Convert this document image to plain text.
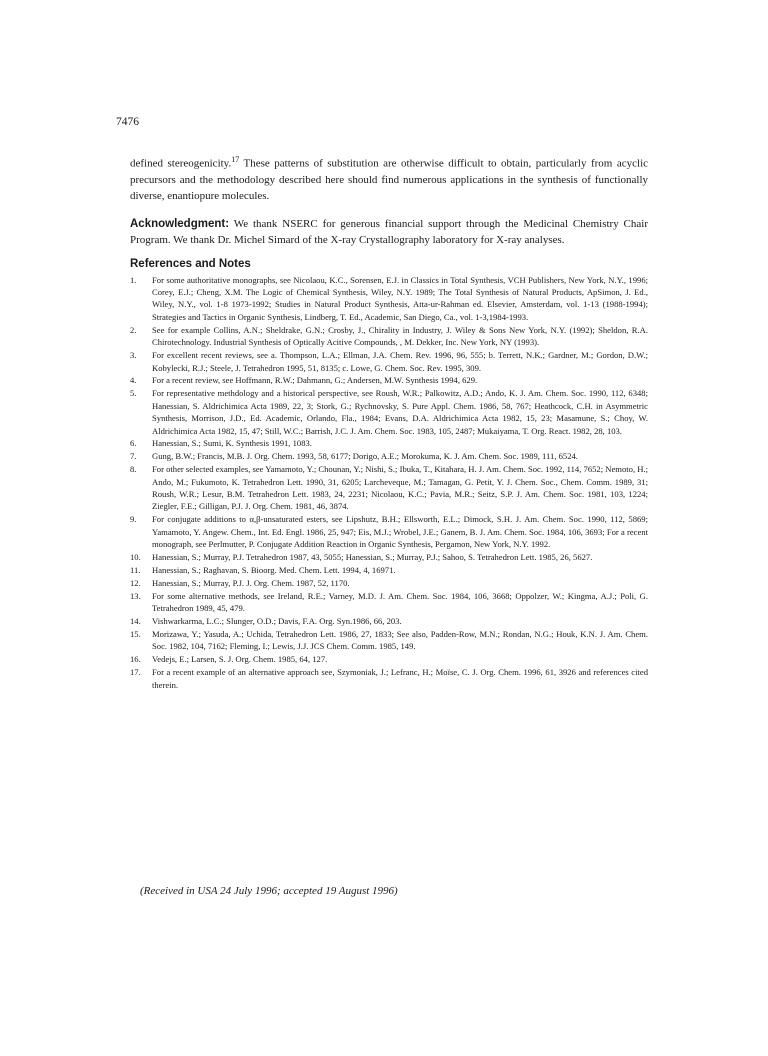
7476

defined stereogenicity.$^{17}$ These patterns of substitution are otherwise difficult to obtain, particularly from acyclic precursors and the methodology described here should find numerous applications in the synthesis of functionally diverse, enantiopure molecules.

Acknowledgment: We thank NSERC for generous financial support through the Medicinal Chemistry Chair Program. We thank Dr. Michel Simard of the X-ray Crystallography laboratory for X-ray analyses.

References and Notes
1. For some authoritative monographs, see Nicolaou, K.C., Sorensen, E.J. in Classics in Total Synthesis, VCH Publishers, New York, N.Y., 1996; Corey, E.J.; Cheng, X.M. The Logic of Chemical Synthesis, Wiley, N.Y. 1989; The Total Synthesis of Natural Products, ApSimon, J. Ed., Wiley, N.Y., vol. 1-8 1973-1992; Studies in Natural Product Synthesis, Atta-ur-Rahman ed. Elsevier, Amsterdam, vol. 1-13 (1988-1994); Strategies and Tactics in Organic Synthesis, Lindberg, T. Ed., Academic, San Diego, Ca., vol. 1-3,1984-1993.
2. See for example Collins, A.N.; Sheldrake, G.N.; Crosby, J., Chirality in Industry, J. Wiley & Sons New York, N.Y. (1992); Sheldon, R.A. Chirotechnology. Industrial Synthesis of Optically Acitive Compounds, , M. Dekker, Inc. New York, NY (1993).
3. For excellent recent reviews, see a. Thompson, L.A.; Ellman, J.A. Chem. Rev. 1996, 96, 555; b. Terrett, N.K.; Gardner, M.; Gordon, D.W.; Kobylecki, R.J.; Steele, J. Tetrahedron 1995, 51, 8135; c. Lowe, G. Chem. Soc. Rev. 1995, 309.
4. For a recent review, see Hoffmann, R.W.; Dahmann, G.; Andersen, M.W. Synthesis 1994, 629.
5. For representative methdology and a historical perspective, see Roush, W.R.; Palkowitz, A.D.; Ando, K. J. Am. Chem. Soc. 1990, 112, 6348; Hanessian, S. Aldrichimica Acta 1989, 22, 3; Stork, G.; Rychnovsky, S. Pure Appl. Chem. 1986, 58, 767; Heathcock, C.H. in Asymmetric Synthesis, Morrison, J.D., Ed. Academic, Orlando, Fla., 1984; Evans, D.A. Aldrichimica Acta 1982, 15, 23; Masamune, S.; Choy, W. Aldrichimica Acta 1982, 15, 47; Still, W.C.; Barrish, J.C. J. Am. Chem. Soc. 1983, 105, 2487; Mukaiyama, T. Org. React. 1982, 28, 103.
6. Hanessian, S.; Sumi, K. Synthesis 1991, 1083.
7. Gung, B.W.; Francis, M.B. J. Org. Chem. 1993, 58, 6177; Dorigo, A.E.; Morokuma, K. J. Am. Chem. Soc. 1989, 111, 6524.
8. For other selected examples, see Yamamoto, Y.; Chounan, Y.; Nishi, S.; Ibuka, T., Kitahara, H. J. Am. Chem. Soc. 1992, 114, 7652; Nemoto, H.; Ando, M.; Fukumoto, K. Tetrahedron Lett. 1990, 31, 6205; Larcheveque, M.; Tamagan, G. Petit, Y. J. Chem. Soc., Chem. Comm. 1989, 31; Roush, W.R.; Lesur, B.M. Tetrahedron Lett. 1983, 24, 2231; Nicolaou, K.C.; Pavia, M.R.; Seitz, S.P. J. Am. Chem. Soc. 1981, 103, 1224; Ziegler, F.E.; Gilligan, P.J. J. Org. Chem. 1981, 46, 3874.
9. For conjugate additions to α,β-unsaturated esters, see Lipshutz, B.H.; Ellsworth, E.L.; Dimock, S.H. J. Am. Chem. Soc. 1990, 112, 5869; Yamamoto, Y. Angew. Chem., Int. Ed. Engl. 1986, 25, 947; Eis, M.J.; Wrobel, J.E.; Ganem, B. J. Am. Chem. Soc. 1984, 106, 3693; For a recent monograph, see Perlmutter, P. Conjugate Addition Reaction in Organic Synthesis, Pergamon, New York, N.Y. 1992.
10. Hanessian, S.; Murray, P.J. Tetrahedron 1987, 43, 5055; Hanessian, S.; Murray, P.J.; Sahoo, S. Tetrahedron Lett. 1985, 26, 5627.
11. Hanessian, S.; Raghavan, S. Bioorg. Med. Chem. Lett. 1994, 4, 16971.
12. Hanessian, S.; Murray, P.J. J. Org. Chem. 1987, 52, 1170.
13. For some alternative methods, see Ireland, R.E.; Varney, M.D. J. Am. Chem. Soc. 1984, 106, 3668; Oppolzer, W.; Kingma, A.J.; Poli, G. Tetrahedron 1989, 45, 479.
14. Vishwarkarma, L.C.; Slunger, O.D.; Davis, F.A. Org. Syn.1986, 66, 203.
15. Morizawa, Y.; Yasuda, A.; Uchida, Tetrahedron Lett. 1986, 27, 1833; See also, Padden-Row, M.N.; Rondan, N.G.; Houk, K.N. J. Am. Chem. Soc. 1982, 104, 7162; Fleming, I.; Lewis, J.J. JCS Chem. Comm. 1985, 149.
16. Vedejs, E.; Larsen, S. J. Org. Chem. 1985, 64, 127.
17. For a recent example of an alternative approach see, Szymoniak, J.; Lefranc, H.; Moïse, C. J. Org. Chem. 1996, 61, 3926 and references cited therein.
(Received in USA 24 July 1996; accepted 19 August 1996)
